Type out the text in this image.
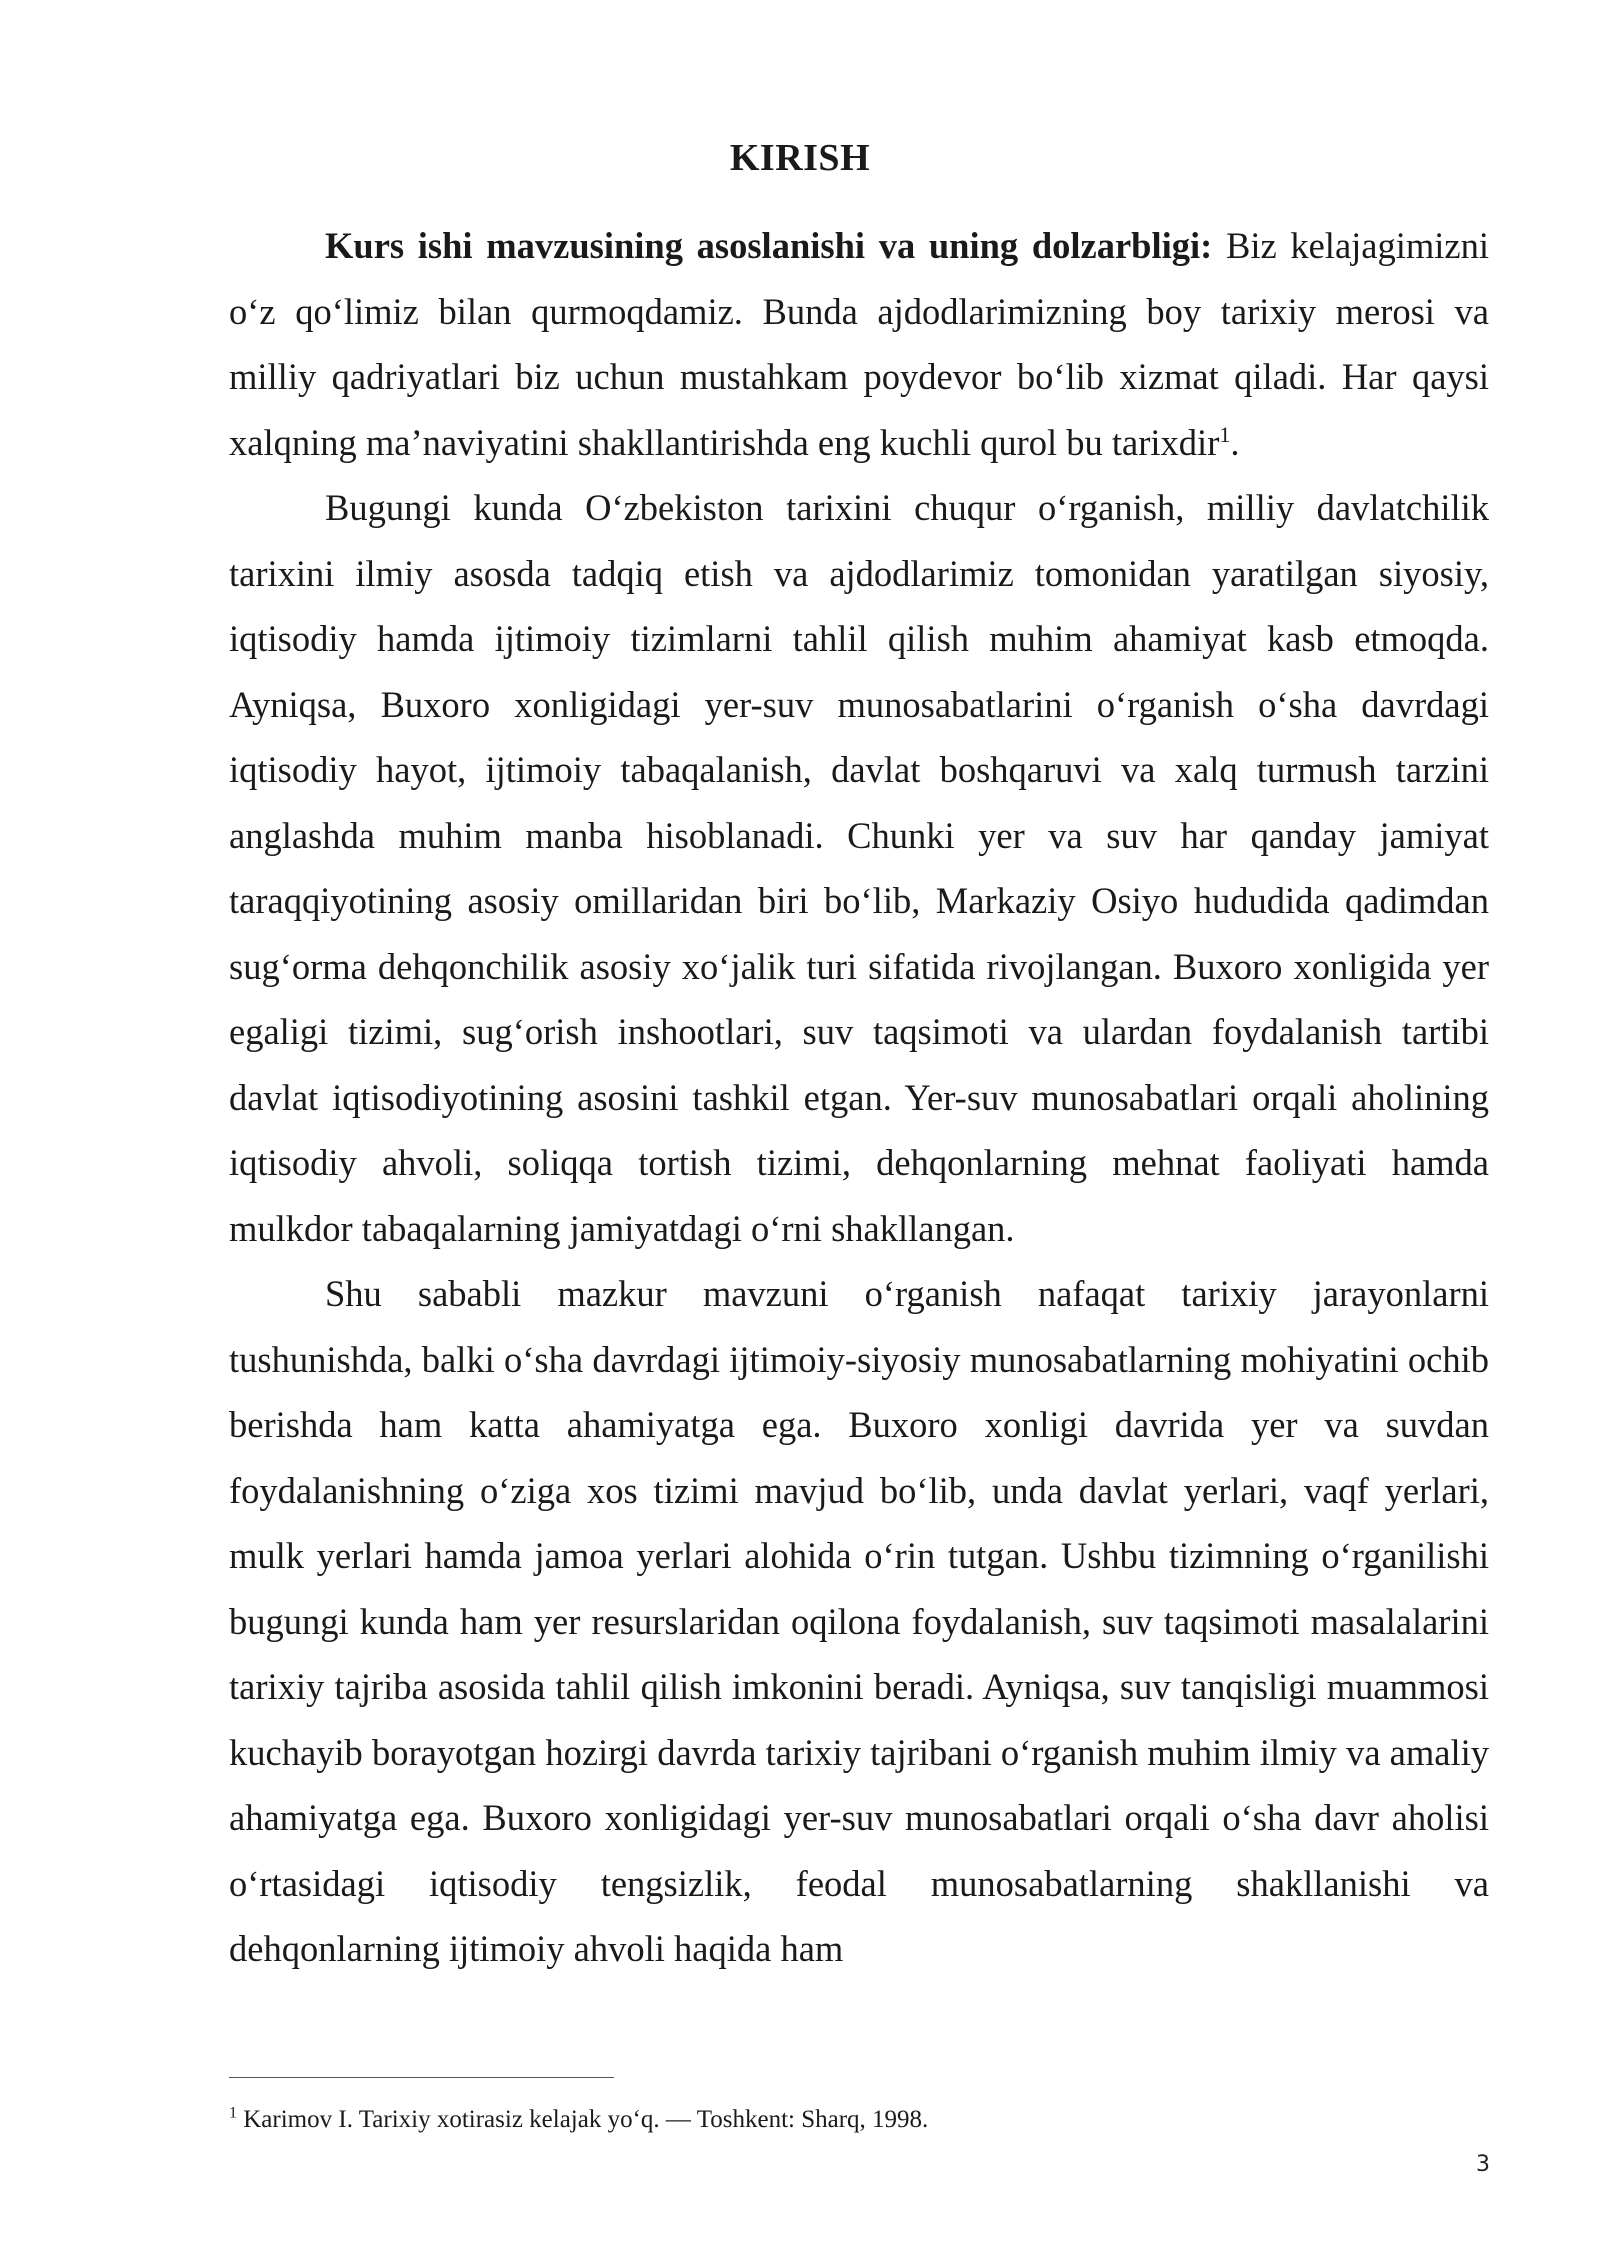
KIRISH

Kurs ishi mavzusining asoslanishi va uning dolzarbligi: Biz kelajagimizni o‘z qo‘limiz bilan qurmoqdamiz. Bunda ajdodlarimizning boy tarixiy merosi va milliy qadriyatlari biz uchun mustahkam poydevor bo‘lib xizmat qiladi. Har qaysi xalqning ma’naviyatini shakllantirishda eng kuchli qurol bu tarixdir$^1$.

Bugungi kunda O‘zbekiston tarixini chuqur o‘rganish, milliy davlatchilik tarixini ilmiy asosda tadqiq etish va ajdodlarimiz tomonidan yaratilgan siyosiy, iqtisodiy hamda ijtimoiy tizimlarni tahlil qilish muhim ahamiyat kasb etmoqda. Ayniqsa, Buxoro xonligidagi yer-suv munosabatlarini o‘rganish o‘sha davrdagi iqtisodiy hayot, ijtimoiy tabaqalanish, davlat boshqaruvi va xalq turmush tarzini anglashda muhim manba hisoblanadi. Chunki yer va suv har qanday jamiyat taraqqiyotining asosiy omillaridan biri bo‘lib, Markaziy Osiyo hududida qadimdan sug‘orma dehqonchilik asosiy xo‘jalik turi sifatida rivojlangan. Buxoro xonligida yer egaligi tizimi, sug‘orish inshootlari, suv taqsimoti va ulardan foydalanish tartibi davlat iqtisodiyotining asosini tashkil etgan. Yer-suv munosabatlari orqali aholining iqtisodiy ahvoli, soliqqa tortish tizimi, dehqonlarning mehnat faoliyati hamda mulkdor tabaqalarning jamiyatdagi o‘rni shakllangan.

Shu sababli mazkur mavzuni o‘rganish nafaqat tarixiy jarayonlarni tushunishda, balki o‘sha davrdagi ijtimoiy-siyosiy munosabatlarning mohiyatini ochib berishda ham katta ahamiyatga ega. Buxoro xonligi davrida yer va suvdan foydalanishning o‘ziga xos tizimi mavjud bo‘lib, unda davlat yerlari, vaqf yerlari, mulk yerlari hamda jamoa yerlari alohida o‘rin tutgan. Ushbu tizimning o‘rganilishi bugungi kunda ham yer resurslaridan oqilona foydalanish, suv taqsimoti masalalarini tarixiy tajriba asosida tahlil qilish imkonini beradi. Ayniqsa, suv tanqisligi muammosi kuchayib borayotgan hozirgi davrda tarixiy tajribani o‘rganish muhim ilmiy va amaliy ahamiyatga ega. Buxoro xonligidagi yer-suv munosabatlari orqali o‘sha davr aholisi o‘rtasidagi iqtisodiy tengsizlik, feodal munosabatlarning shakllanishi va dehqonlarning ijtimoiy ahvoli haqida ham

$^1$ Karimov I. Tarixiy xotirasiz kelajak yo‘q. — Toshkent: Sharq, 1998.
3
